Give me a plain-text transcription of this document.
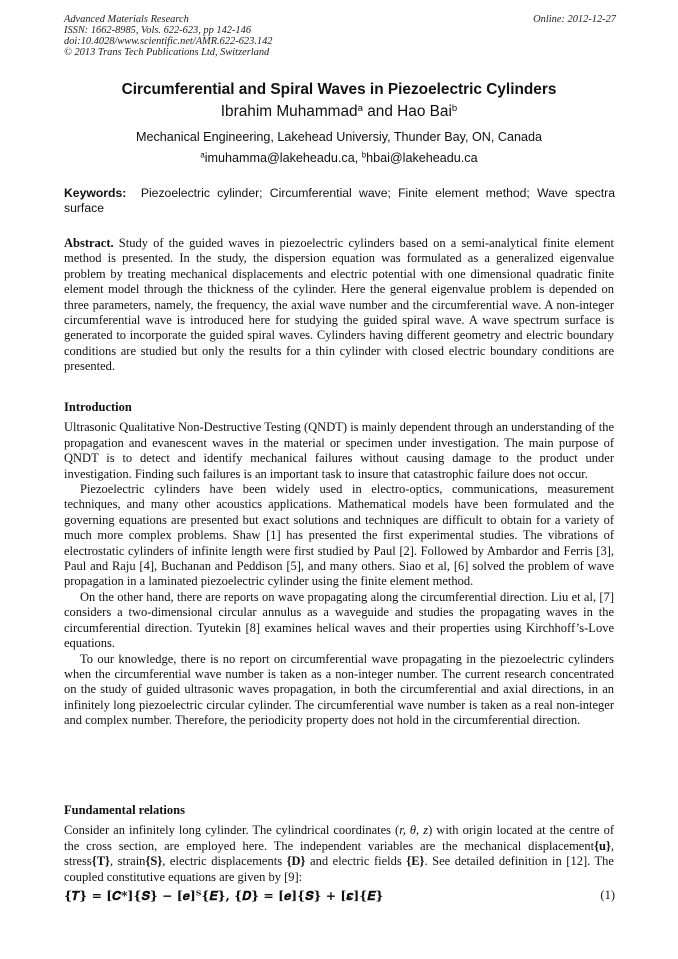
Advanced Materials Research
ISSN: 1662-8985, Vols. 622-623, pp 142-146
doi:10.4028/www.scientific.net/AMR.622-623.142
© 2013 Trans Tech Publications Ltd, Switzerland
Online: 2012-12-27
Circumferential and Spiral Waves in Piezoelectric Cylinders
Ibrahim Muhammad$^a$ and Hao Bai$^b$
Mechanical Engineering, Lakehead Universiy, Thunder Bay, ON, Canada
$^a$imuhamma@lakeheadu.ca, $^b$hbai@lakeheadu.ca
Keywords: Piezoelectric cylinder; Circumferential wave; Finite element method; Wave spectra surface

Abstract. Study of the guided waves in piezoelectric cylinders based on a semi-analytical finite element method is presented. In the study, the dispersion equation was formulated as a generalized eigenvalue problem by treating mechanical displacements and electric potential with one dimensional quadratic finite element model through the thickness of the cylinder. Here the general eigenvalue problem is depended on three parameters, namely, the frequency, the axial wave number and the circumferential wave. A non-integer circumferential wave is introduced here for studying the guided spiral wave. A wave spectrum surface is generated to incorporate the guided spiral waves. Cylinders having different geometry and electric boundary conditions are studied but only the results for a thin cylinder with closed electric boundary conditions are presented.

Introduction

Ultrasonic Qualitative Non-Destructive Testing (QNDT) is mainly dependent through an understanding of the propagation and evanescent waves in the material or specimen under investigation. The main purpose of QNDT is to detect and identify mechanical failures without causing damage to the product under investigation. Finding such failures is an important task to insure that catastrophic failure does not occur.

Piezoelectric cylinders have been widely used in electro-optics, communications, measurement techniques, and many other acoustics applications. Mathematical models have been formulated and the governing equations are presented but exact solutions and techniques are difficult to obtain for a variety of much more complex problems. Shaw [1] has presented the first experimental studies. The vibrations of electrostatic cylinders of infinite length were first studied by Paul [2]. Followed by Ambardor and Ferris [3], Paul and Raju [4], Buchanan and Peddison [5], and many others. Siao et al, [6] solved the problem of wave propagation in a laminated piezoelectric cylinder using the finite element method.

On the other hand, there are reports on wave propagating along the circumferential direction. Liu et al, [7] considers a two-dimensional circular annulus as a waveguide and studies the propagating waves in the circumferential direction. Tyutekin [8] examines helical waves and their properties using Kirchhoff’s-Love equations.

To our knowledge, there is no report on circumferential wave propagating in the piezoelectric cylinders when the circumferential wave number is taken as a non-integer number. The current research concentrated on the study of guided ultrasonic waves propagation, in both the circumferential and axial directions, in an infinitely long piezoelectric circular cylinder. The circumferential wave number is taken as a real non-integer and complex number. Therefore, the periodicity property does not hold in the circumferential direction.

Fundamental relations

Consider an infinitely long cylinder. The cylindrical coordinates (r, θ, z) with origin located at the centre of the cross section, are employed here. The independent variables are the mechanical displacement{u}, stress{T}, strain{S}, electric displacements {D} and electric fields {E}. See detailed definition in [12]. The coupled constitutive equations are given by [9]:

{𝑻} = [𝑪*]{𝑺} − [𝒆]ᵀ{𝑬}, {𝑫} = [𝒆]{𝑺} + [𝜺]{𝑬}	(1)
